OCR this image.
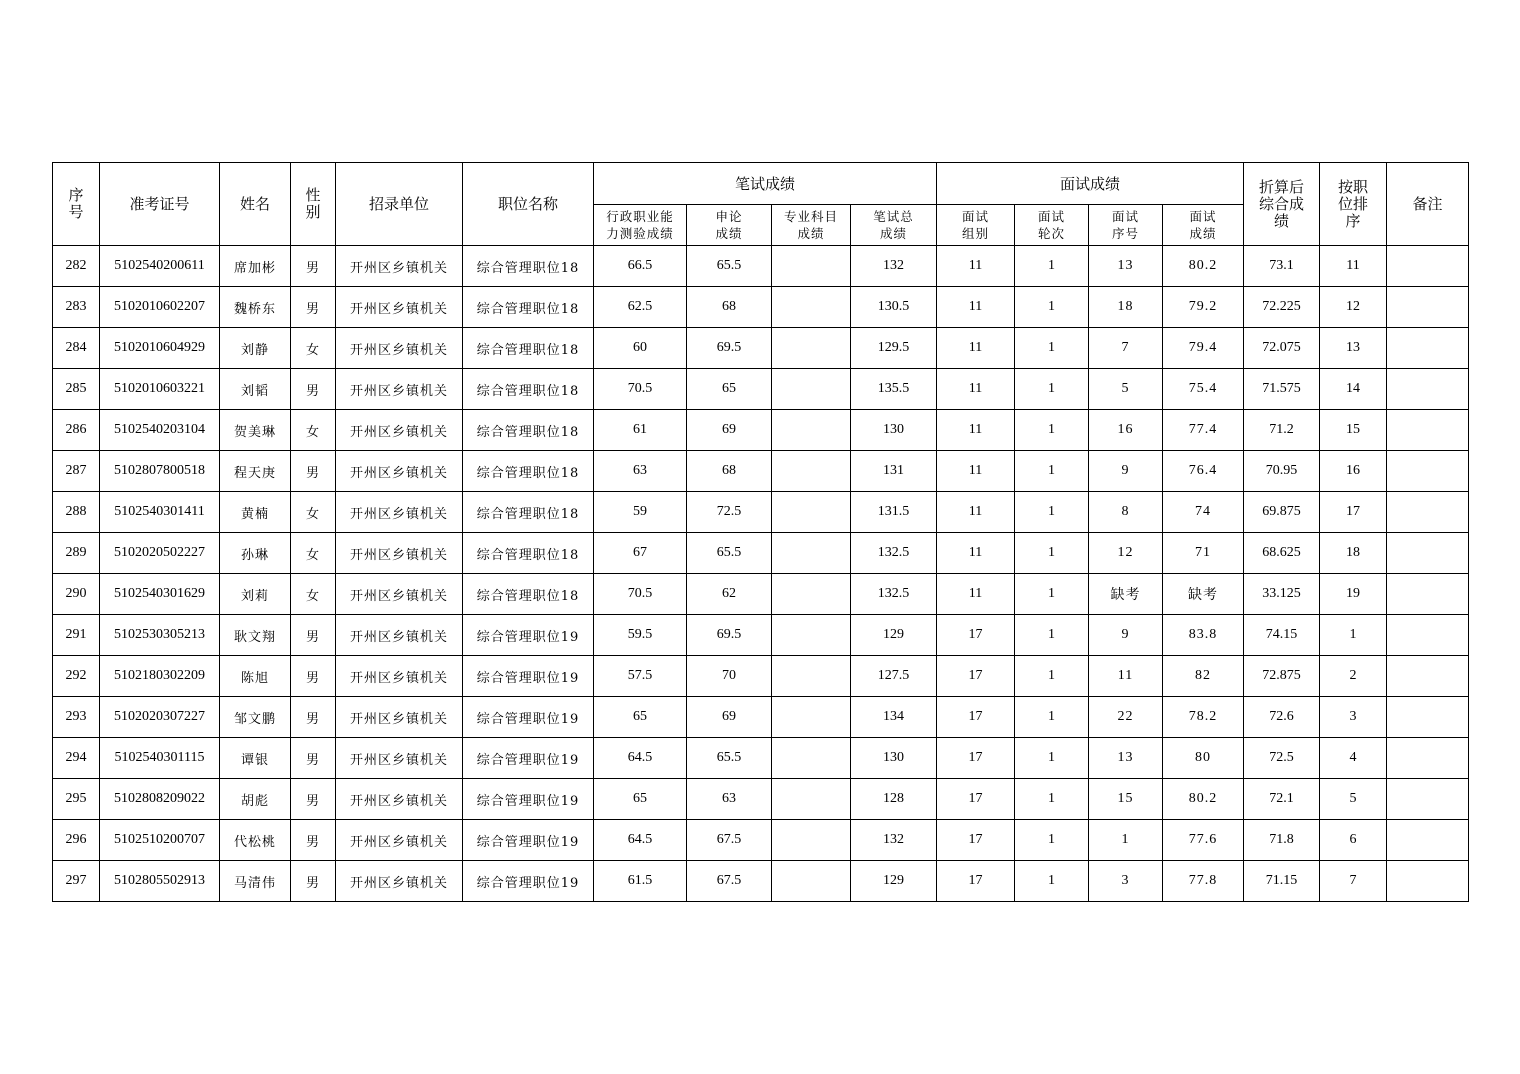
序号	准考证号	姓名	性别	招录单位	职位名称	笔试成绩				面试成绩				折算后综合成绩	按职位排序	备注

						行政职业能力测验成绩	申论成绩	专业科目成绩	笔试总成绩	面试组别	面试轮次	面试序号	面试成绩			

282	5102540200611	席加彬	男	开州区乡镇机关	综合管理职位18	66.5	65.5		132	11	1	13	80.2	73.1	11	
283	5102010602207	魏桥东	男	开州区乡镇机关	综合管理职位18	62.5	68		130.5	11	1	18	79.2	72.225	12	
284	5102010604929	刘静	女	开州区乡镇机关	综合管理职位18	60	69.5		129.5	11	1	7	79.4	72.075	13	
285	5102010603221	刘韬	男	开州区乡镇机关	综合管理职位18	70.5	65		135.5	11	1	5	75.4	71.575	14	
286	5102540203104	贺美琳	女	开州区乡镇机关	综合管理职位18	61	69		130	11	1	16	77.4	71.2	15	
287	5102807800518	程天庚	男	开州区乡镇机关	综合管理职位18	63	68		131	11	1	9	76.4	70.95	16	
288	5102540301411	黄楠	女	开州区乡镇机关	综合管理职位18	59	72.5		131.5	11	1	8	74	69.875	17	
289	5102020502227	孙琳	女	开州区乡镇机关	综合管理职位18	67	65.5		132.5	11	1	12	71	68.625	18	
290	5102540301629	刘莉	女	开州区乡镇机关	综合管理职位18	70.5	62		132.5	11	1	缺考	缺考	33.125	19	
291	5102530305213	耿文翔	男	开州区乡镇机关	综合管理职位19	59.5	69.5		129	17	1	9	83.8	74.15	1	
292	5102180302209	陈旭	男	开州区乡镇机关	综合管理职位19	57.5	70		127.5	17	1	11	82	72.875	2	
293	5102020307227	邹文鹏	男	开州区乡镇机关	综合管理职位19	65	69		134	17	1	22	78.2	72.6	3	
294	5102540301115	谭银	男	开州区乡镇机关	综合管理职位19	64.5	65.5		130	17	1	13	80	72.5	4	
295	5102808209022	胡彪	男	开州区乡镇机关	综合管理职位19	65	63		128	17	1	15	80.2	72.1	5	
296	5102510200707	代松桃	男	开州区乡镇机关	综合管理职位19	64.5	67.5		132	17	1	1	77.6	71.8	6	
297	5102805502913	马清伟	男	开州区乡镇机关	综合管理职位19	61.5	67.5		129	17	1	3	77.8	71.15	7	
